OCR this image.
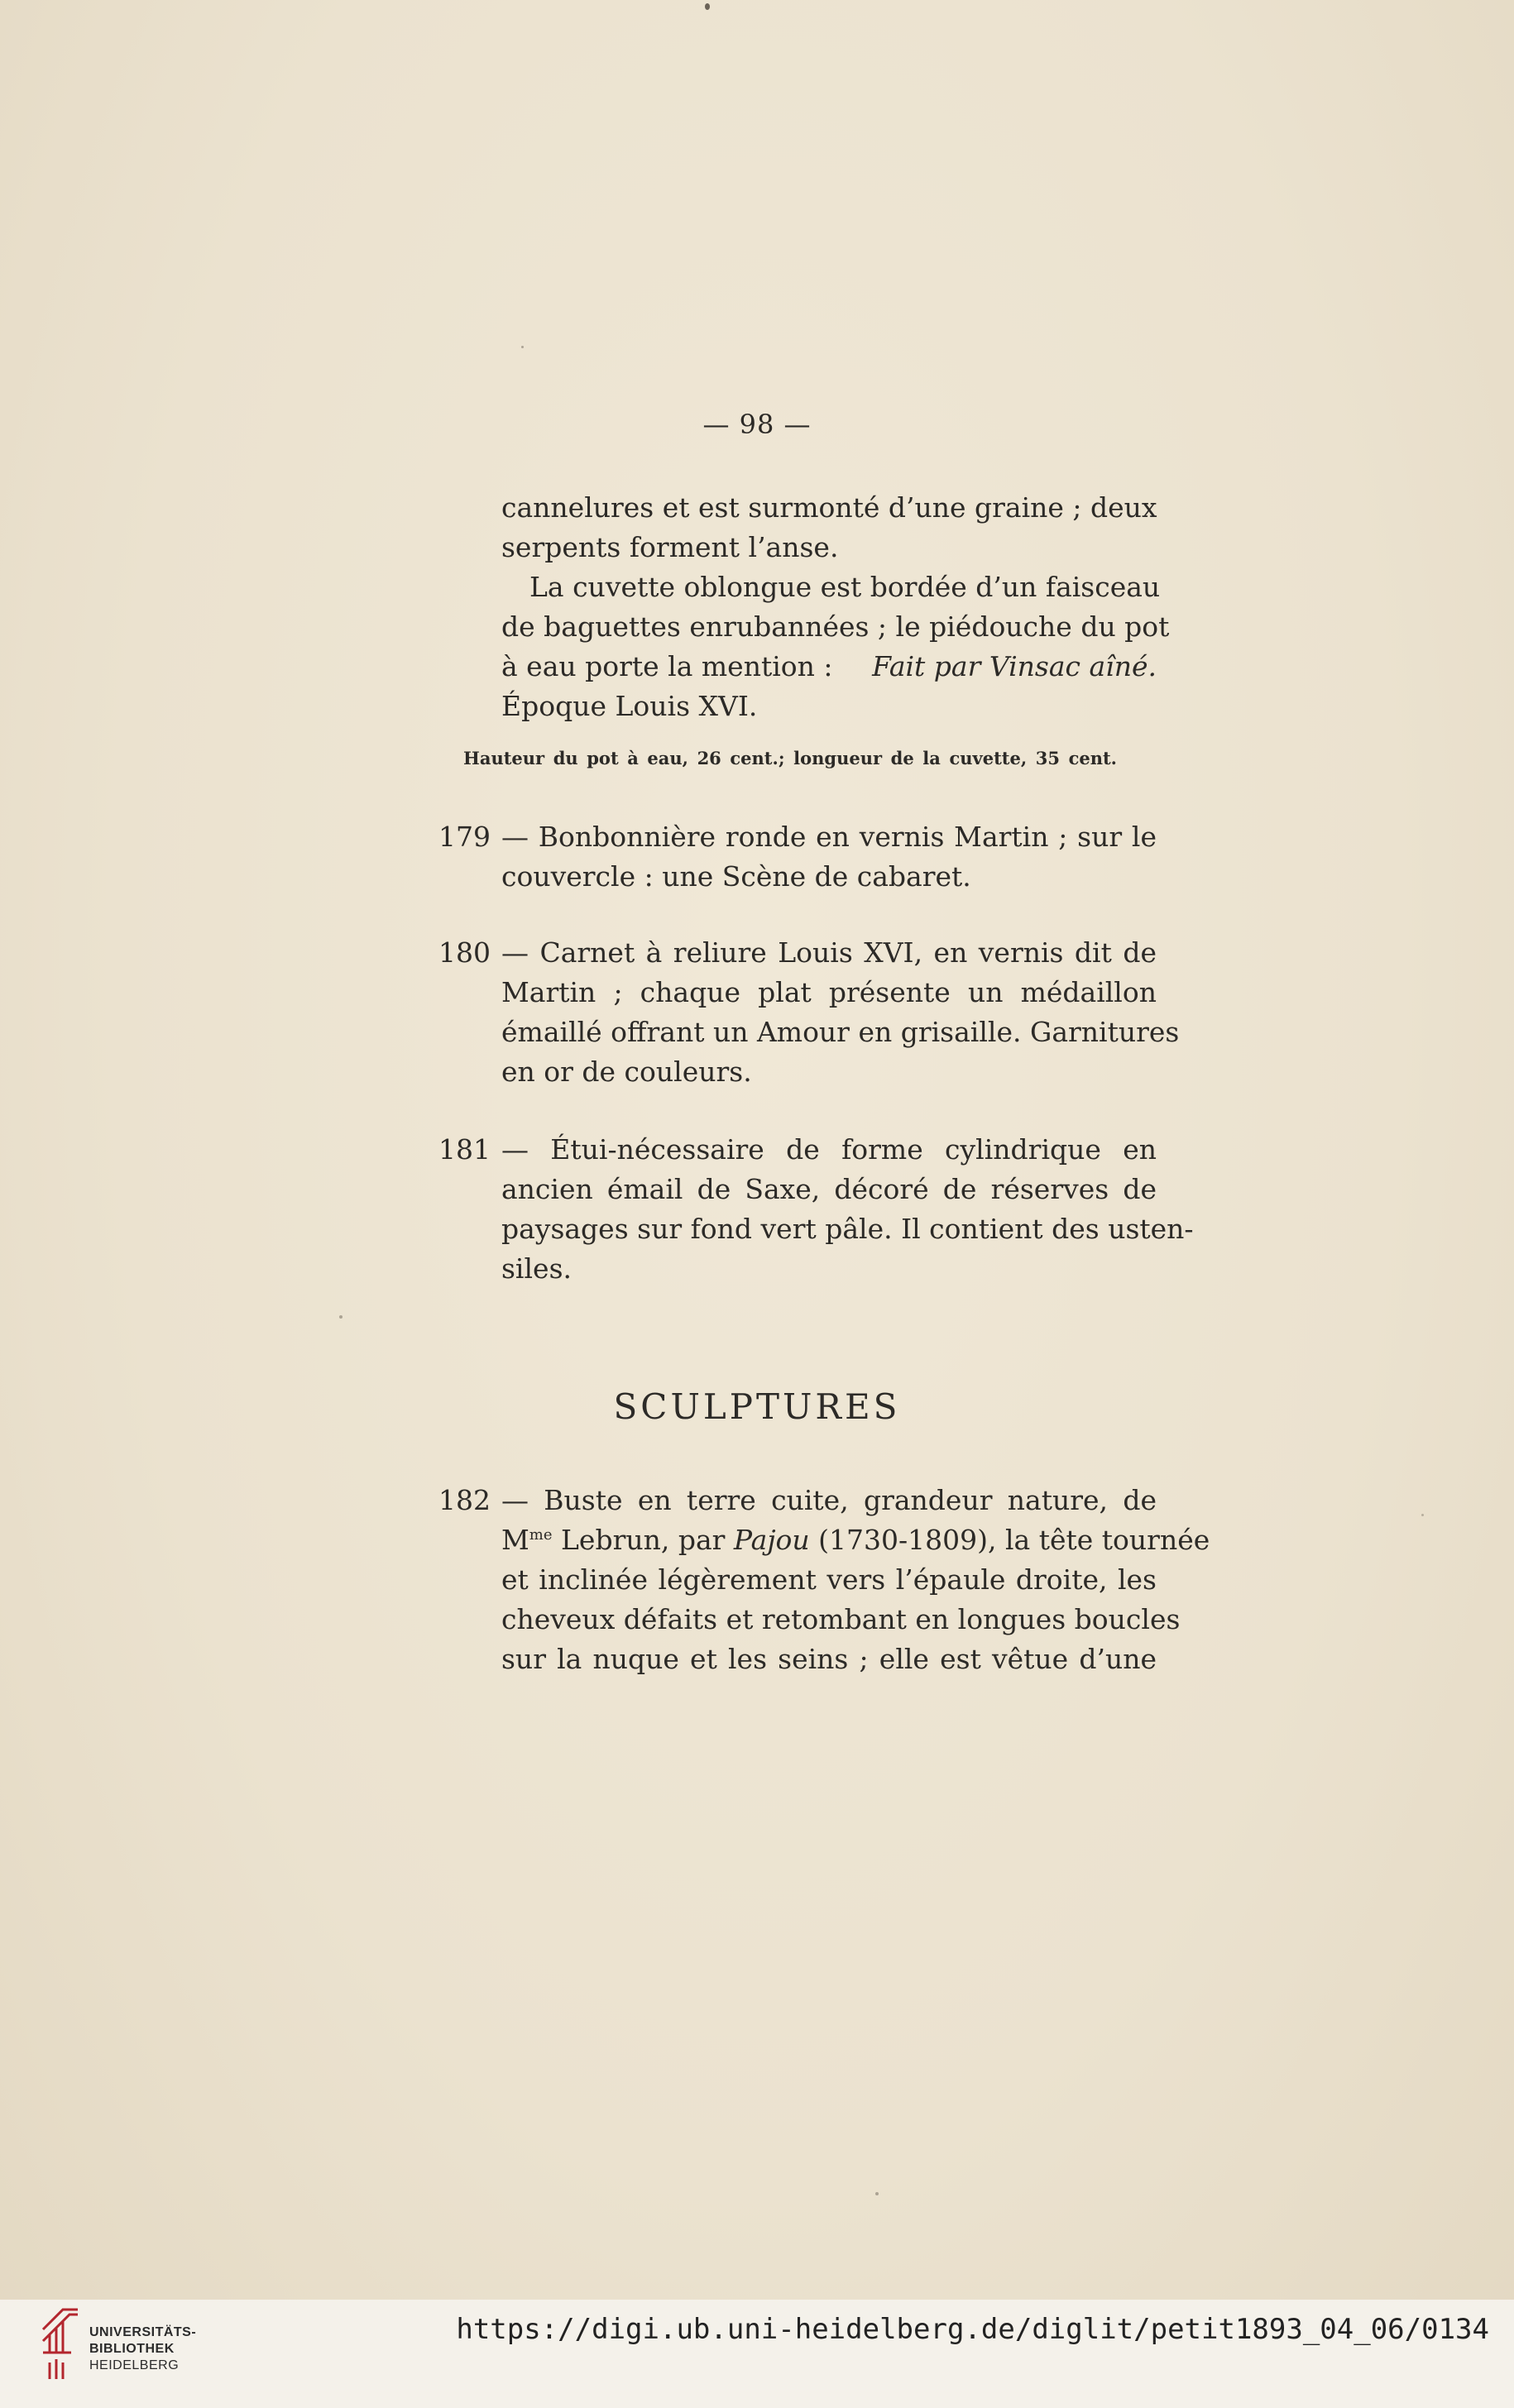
— 98 —
cannelures et est surmonté d’une graine ; deux
serpents forment l’anse.
La cuvette oblongue est bordée d’un faisceau
de baguettes enrubannées ; le piédouche du pot
à eau porte la mention : Fait par Vinsac aîné.
Époque Louis XVI.
Hauteur du pot à eau, 26 cent.; longueur de la cuvette, 35 cent.
179 — Bonbonnière ronde en vernis Martin ; sur le
couvercle : une Scène de cabaret.
180 — Carnet à reliure Louis XVI, en vernis dit de
Martin ; chaque plat présente un médaillon
émaillé offrant un Amour en grisaille. Garnitures
en or de couleurs.
181 — Étui-nécessaire de forme cylindrique en
ancien émail de Saxe, décoré de réserves de
paysages sur fond vert pâle. Il contient des usten-
siles.
SCULPTURES
182 — Buste en terre cuite, grandeur nature, de
$M^{me}$ Lebrun, par Pajou (1730-1809), la tête tournée
et inclinée légèrement vers l’épaule droite, les
cheveux défaits et retombant en longues boucles
sur la nuque et les seins ; elle est vêtue d’une
UNIVERSITÄTS-
BIBLIOTHEK
HEIDELBERG
https://digi.ub.uni-heidelberg.de/diglit/petit1893_04_06/0134
